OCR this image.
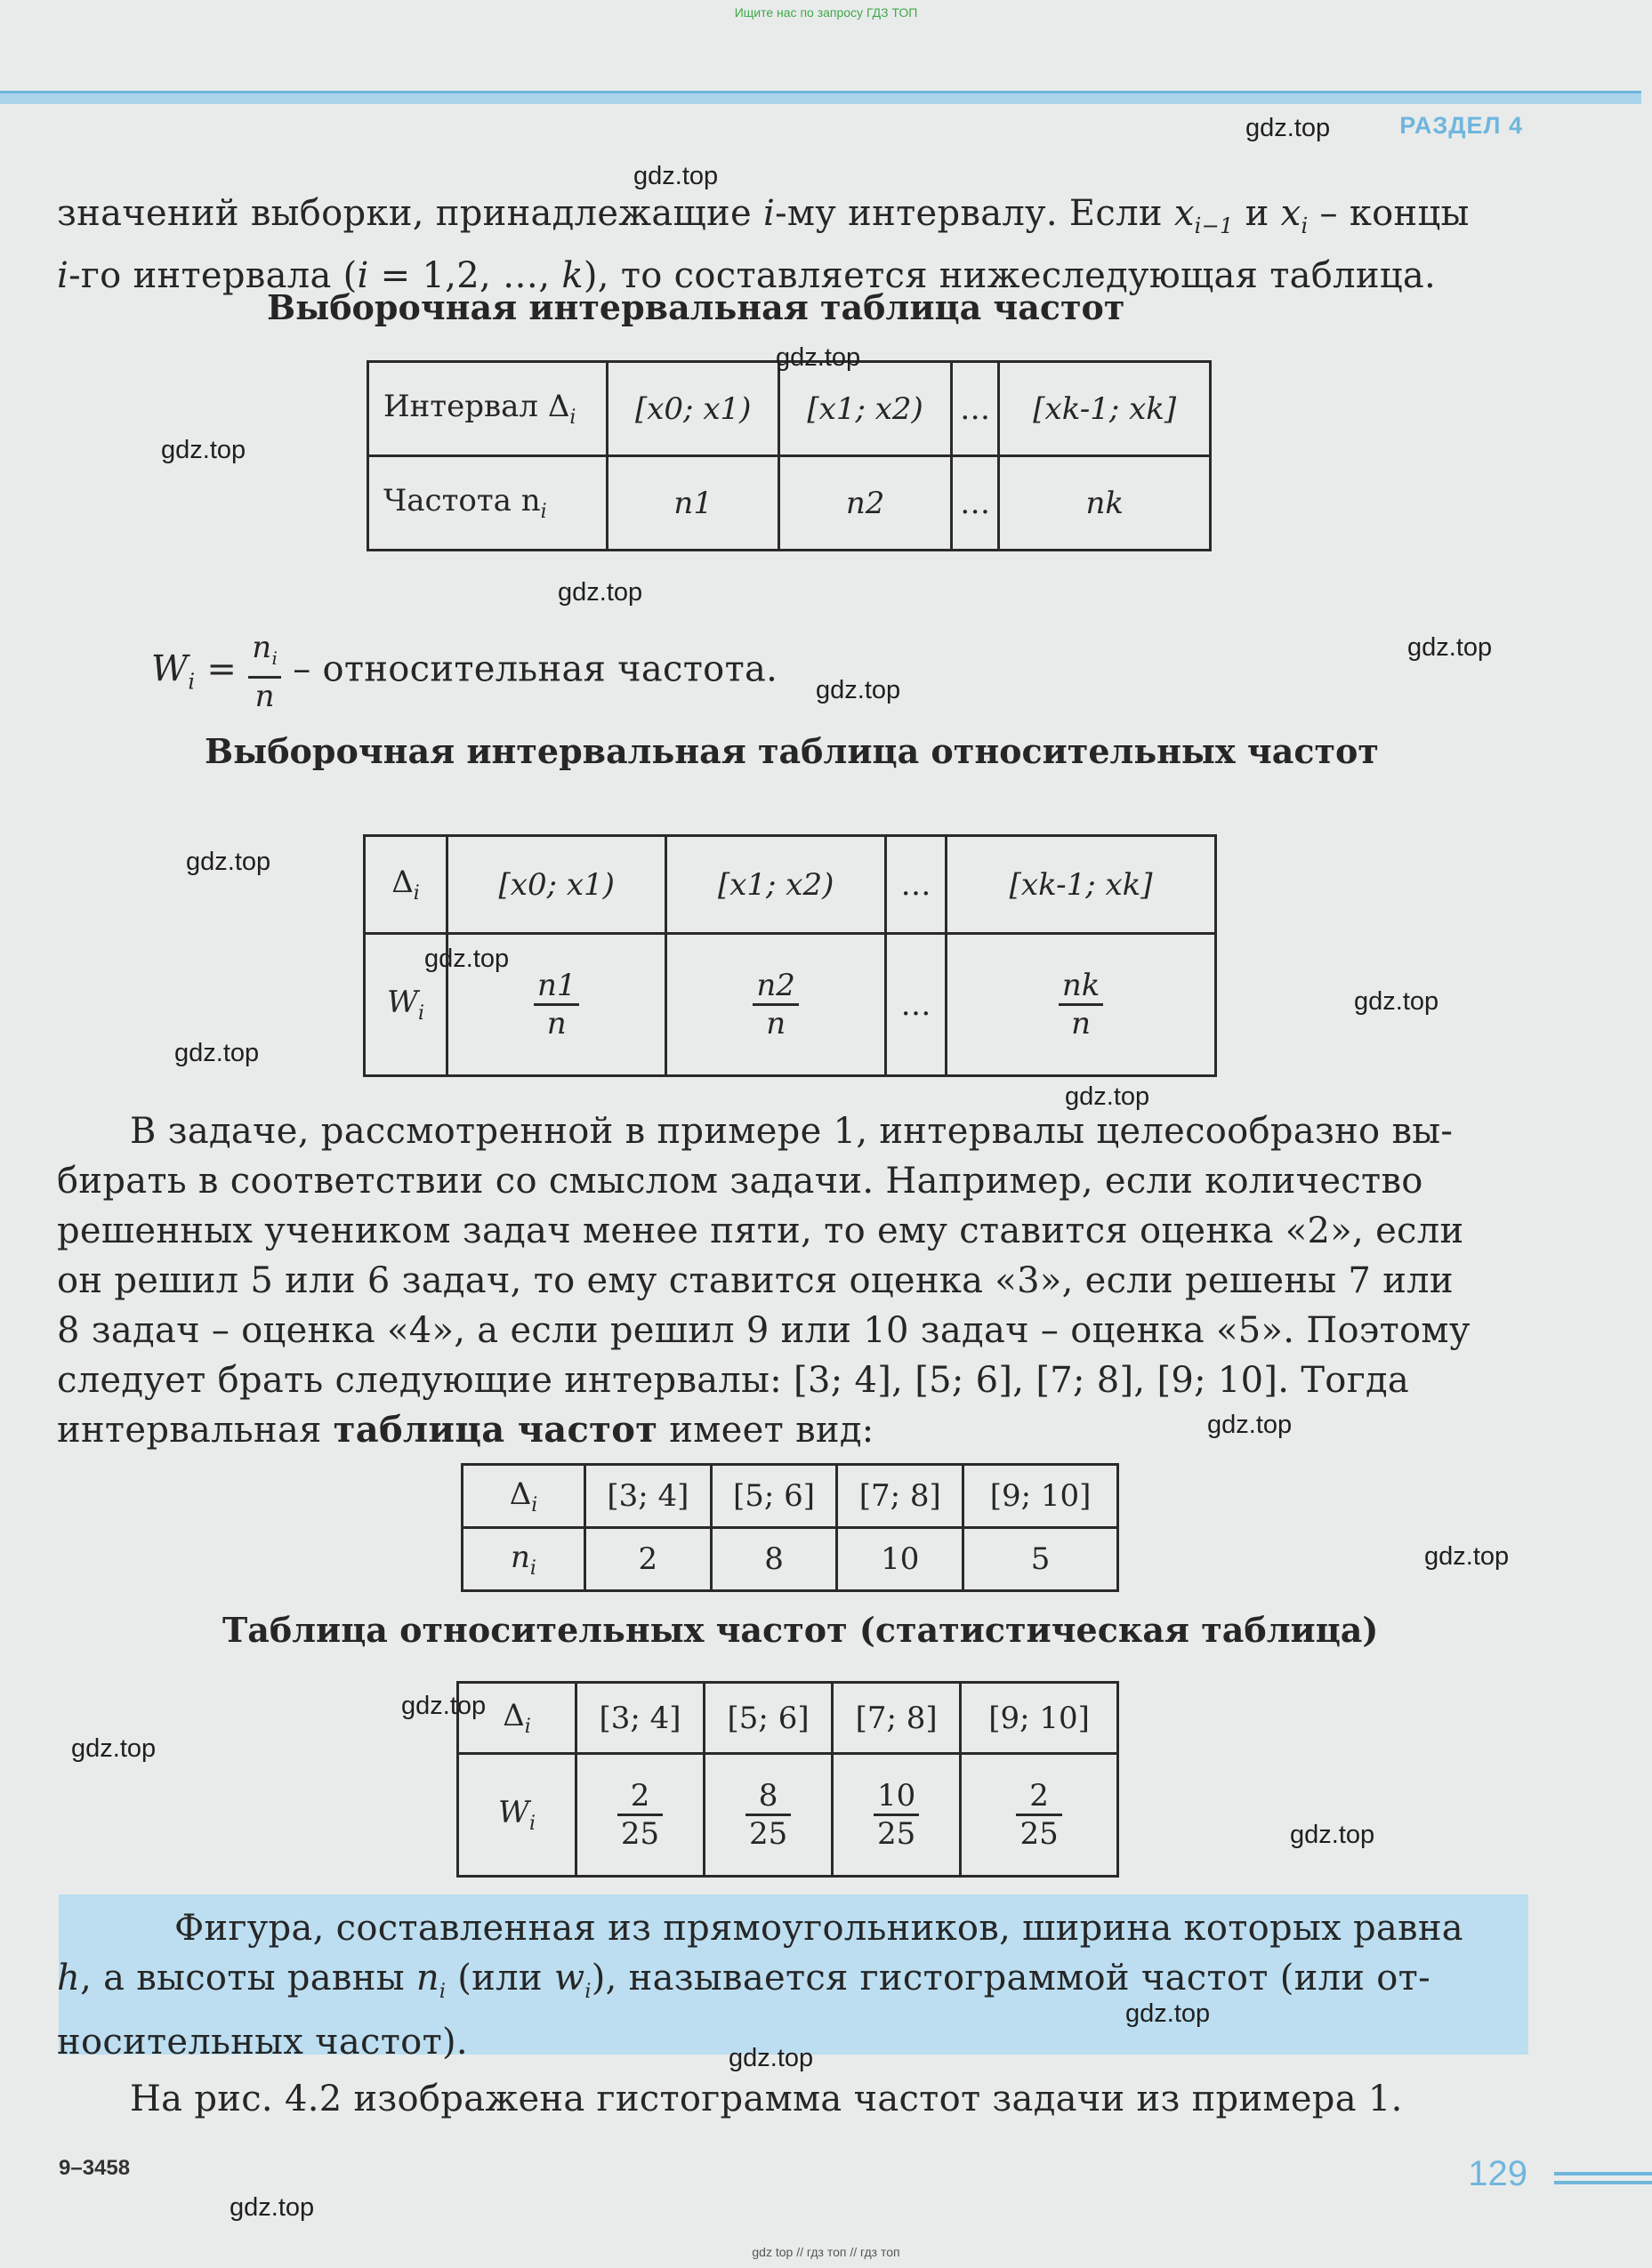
Ищите нас по запросу ГДЗ ТОП
РАЗДЕЛ 4
значений выборки, принадлежащие i-му интервалу. Если $x_{i-1}$ и $x_i$ – концы
i-го интервала (i = 1,2, …, k), то составляется нижеследующая таблица.
Выборочная интервальная таблица частот
Интервал $\Delta_i$	[x0; x1)	[x1; x2)	…	[xk-1; xk]
Частота $n_i$	n1	n2	…	nk
$W_i = \frac{n_i}{n}$ – относительная частота.
Выборочная интервальная таблица относительных частот
$\Delta_i$	[x0; x1)	[x1; x2)	…	[xk-1; xk]
$W_i$	$\frac{n1}{n}$	$\frac{n2}{n}$	…	$\frac{nk}{n}$
В задаче, рассмотренной в примере 1, интервалы целесообразно вы-
бирать в соответствии со смыслом задачи. Например, если количество
решенных учеником задач менее пяти, то ему ставится оценка «2», если
он решил 5 или 6 задач, то ему ставится оценка «3», если решены 7 или
8 задач – оценка «4», а если решил 9 или 10 задач – оценка «5». Поэтому
следует брать следующие интервалы: [3; 4], [5; 6], [7; 8], [9; 10]. Тогда
интервальная таблица частот имеет вид:
$\Delta_i$	[3; 4]	[5; 6]	[7; 8]	[9; 10]
$n_i$	2	8	10	5
Таблица относительных частот (статистическая таблица)
$\Delta_i$	[3; 4]	[5; 6]	[7; 8]	[9; 10]
$W_i$	$\frac{2}{25}$	$\frac{8}{25}$	$\frac{10}{25}$	$\frac{2}{25}$
Фигура, составленная из прямоугольников, ширина которых равна
h, а высоты равны $n_i$ (или $w_i$), называется гистограммой частот (или от-
носительных частот).
На рис. 4.2 изображена гистограмма частот задачи из примера 1.
9–3458	129
gdz.top
gdz.top
gdz.top
gdz.top
gdz.top
gdz.top
gdz.top
gdz.top
gdz.top
gdz.top
gdz.top
gdz.top
gdz.top
gdz.top
gdz.top
gdz.top
gdz.top
gdz.top
gdz.top
gdz.top
gdz top // гдз топ // гдз топ
